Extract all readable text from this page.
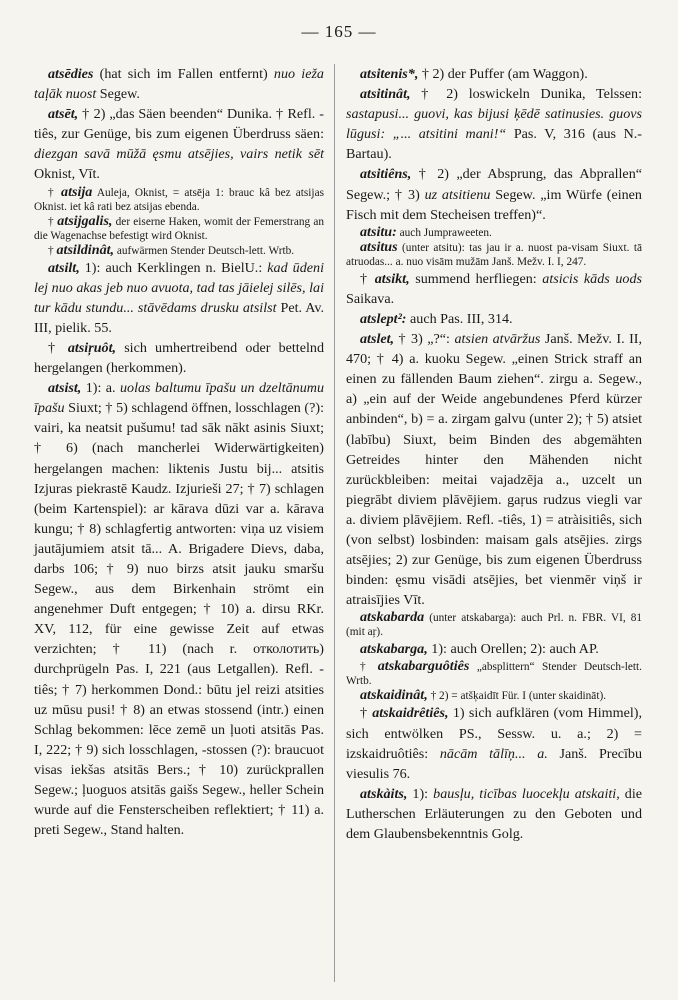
— 165 —

atsēdies (hat sich im Fallen entfernt) nuo ieža taļāk nuost Segew.

atsēt, † 2) „das Säen beenden“ Dunika. † Refl. -tiês, zur Genüge, bis zum eigenen Überdruss säen: diezgan savā mūžā ęsmu atsējies, vairs netik sēt Oknist, Vīt.

† atsija Auleja, Oknist, = atsēja 1: brauc kâ bez atsijas Oknist. iet kâ rati bez atsijas ebenda.

† atsijgalis, der eiserne Haken, womit der Femerstrang an die Wagenachse befestigt wird Oknist.

† atsildinât, aufwärmen Stender Deutsch-lett. Wrtb.

atsilt, 1): auch Kerklingen n. BielU.: kad ūdeni lej nuo akas jeb nuo avuota, tad tas jāielej silēs, lai tur kādu stundu... stāvēdams drusku atsilst Pet. Av. III, pielik. 55.

† atsiŗuôt, sich umhertreibend oder bettelnd hergelangen (herkommen).

atsist, 1): a. uolas baltumu īpašu un dzeltānumu īpašu Siuxt; † 5) schlagend öffnen, losschlagen (?): vairi, ka neatsit pušumu! tad sāk nākt asinis Siuxt; † 6) (nach mancherlei Widerwärtigkeiten) hergelangen machen: liktenis Justu bij... atsitis Izjuras piekrastē Kaudz. Izjurieši 27; † 7) schlagen (beim Kartenspiel): ar kārava dūzi var a. kārava kungu; † 8) schlagfertig antworten: viņa uz visiem jautājumiem atsit tā... A. Brigadere Dievs, daba, darbs 106; † 9) nuo birzs atsit jauku smaršu Segew., aus dem Birkenhain strömt ein angenehmer Duft entgegen; † 10) a. dirsu RKr. XV, 112, für eine gewisse Zeit auf etwas verzichten; † 11) (nach r. отколотить) durchprügeln Pas. I, 221 (aus Letgallen). Refl. -tiês; † 7) herkommen Dond.: būtu jel reizi atsities uz mūsu pusi! † 8) an etwas stossend (intr.) einen Schlag bekommen: lēce zemē un ļuoti atsitās Pas. I, 222; † 9) sich losschlagen, -stossen (?): braucuot visas iekšas atsitās Bers.; † 10) zurückprallen Segew.; ļuoguos atsitās gaišs Segew., heller Schein wurde auf die Fensterscheiben reflektiert; † 11) a. preti Segew., Stand halten.

atsitenis*, † 2) der Puffer (am Waggon).

atsitinât, † 2) loswickeln Dunika, Telssen: sastapusi... guovi, kas bijusi ķēdē satinusies. guovs lūgusi: „... atsitini mani!“ Pas. V, 316 (aus N.-Bartau).

atsitiêns, † 2) „der Absprung, das Abprallen“ Segew.; † 3) uz atsitienu Segew. „im Würfe (einen Fisch mit dem Stecheisen treffen)“.

atsitu: auch Jumpraweeten.

atsitus (unter atsitu): tas jau ir a. nuost pa-visam Siuxt. tā atruodas... a. nuo visām mužām Janš. Mežv. I. I, 247.

† atsikt, summend herfliegen: atsicis kāds uods Saikava.

atslept²: auch Pas. III, 314.

atslet, † 3) „?“: atsien atvāržus Janš. Mežv. I. II, 470; † 4) a. kuoku Segew. „einen Strick straff an einen zu fällenden Baum ziehen“. zirgu a. Segew., a) „ein auf der Weide angebundenes Pferd kürzer anbinden“, b) = a. zirgam galvu (unter 2); † 5) atsiet (labību) Siuxt, beim Binden des abgemähten Getreides hinter den Mähenden nicht zurückbleiben: meitai vajadzēja a., uzcelt un piegrābt diviem plāvējiem. gaŗus rudzus viegli var a. diviem plāvējiem. Refl. -tiês, 1) = atràisitiês, sich (von selbst) losbinden: maisam gals atsējies. zirgs atsējies; 2) zur Genüge, bis zum eigenen Überdruss binden: ęsmu visādi atsējies, bet vienmēr viņš ir atraisījies Vīt.

atskabarda (unter atskabarga): auch Prl. n. FBR. VI, 81 (mit aŗ).

atskabarga, 1): auch Orellen; 2): auch AP.

† atskabarguôtiês „absplittern“ Stender Deutsch-lett. Wrtb.

atskaidinât, † 2) = atšķaidīt Für. I (unter skaidināt).

† atskaidrêtiês, 1) sich aufklären (vom Himmel), sich entwölken PS., Sessw. u. a.; 2) = izskaidruôtiês: nācām tālīņ... a. Janš. Precību viesulis 76.

atskàits, 1): bausļu, ticības luocekļu atskaiti, die Lutherschen Erläuterungen zu den Geboten und dem Glaubensbekenntnis Golg.
